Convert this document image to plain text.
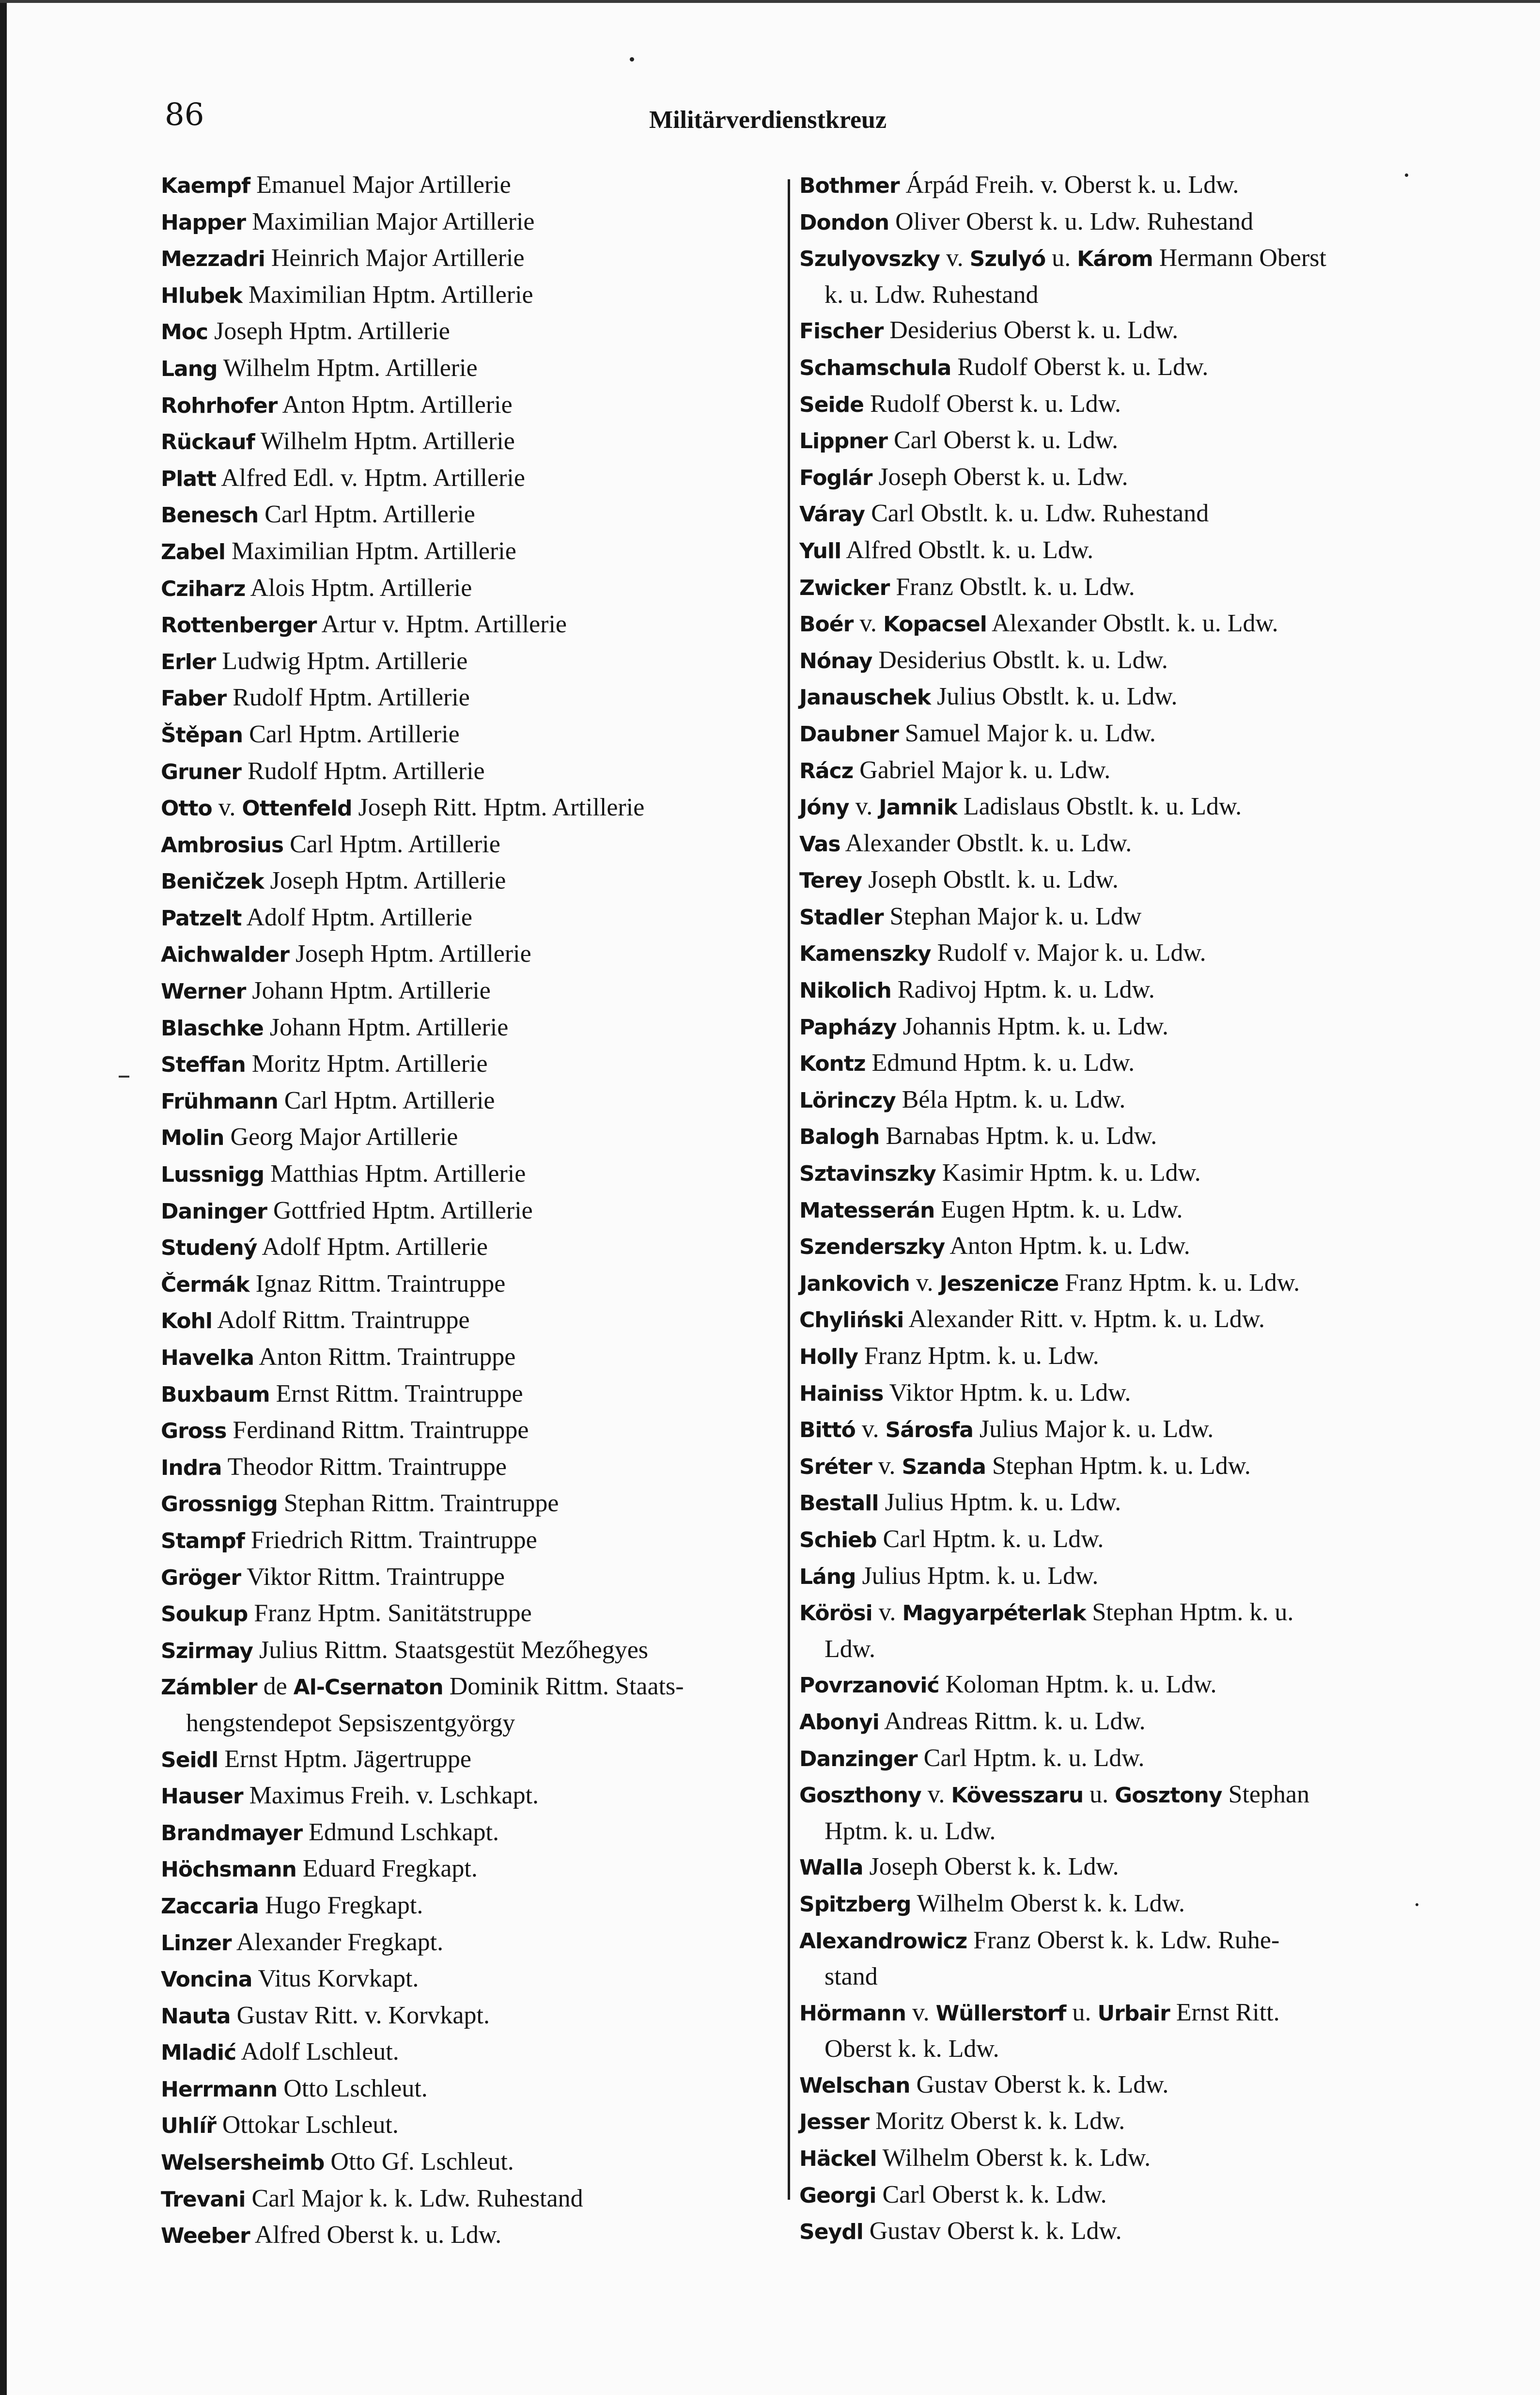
86	Militärverdienstkreuz
Kaempf Emanuel Major Artillerie
Happer Maximilian Major Artillerie
Mezzadri Heinrich Major Artillerie
Hlubek Maximilian Hptm. Artillerie
Moc Joseph Hptm. Artillerie
Lang Wilhelm Hptm. Artillerie
Rohrhofer Anton Hptm. Artillerie
Rückauf Wilhelm Hptm. Artillerie
Platt Alfred Edl. v. Hptm. Artillerie
Benesch Carl Hptm. Artillerie
Zabel Maximilian Hptm. Artillerie
Cziharz Alois Hptm. Artillerie
Rottenberger Artur v. Hptm. Artillerie
Erler Ludwig Hptm. Artillerie
Faber Rudolf Hptm. Artillerie
Štěpan Carl Hptm. Artillerie
Gruner Rudolf Hptm. Artillerie
Otto v. Ottenfeld Joseph Ritt. Hptm. Artillerie
Ambrosius Carl Hptm. Artillerie
Beničzek Joseph Hptm. Artillerie
Patzelt Adolf Hptm. Artillerie
Aichwalder Joseph Hptm. Artillerie
Werner Johann Hptm. Artillerie
Blaschke Johann Hptm. Artillerie
Steffan Moritz Hptm. Artillerie
Frühmann Carl Hptm. Artillerie
Molin Georg Major Artillerie
Lussnigg Matthias Hptm. Artillerie
Daninger Gottfried Hptm. Artillerie
Studený Adolf Hptm. Artillerie
Čermák Ignaz Rittm. Traintruppe
Kohl Adolf Rittm. Traintruppe
Havelka Anton Rittm. Traintruppe
Buxbaum Ernst Rittm. Traintruppe
Gross Ferdinand Rittm. Traintruppe
Indra Theodor Rittm. Traintruppe
Grossnigg Stephan Rittm. Traintruppe
Stampf Friedrich Rittm. Traintruppe
Gröger Viktor Rittm. Traintruppe
Soukup Franz Hptm. Sanitätstruppe
Szirmay Julius Rittm. Staatsgestüt Mezőhegyes
Zámbler de Al-Csernaton Dominik Rittm. Staats-
hengstendepot Sepsiszentgyörgy
Seidl Ernst Hptm. Jägertruppe
Hauser Maximus Freih. v. Lschkapt.
Brandmayer Edmund Lschkapt.
Höchsmann Eduard Fregkapt.
Zaccaria Hugo Fregkapt.
Linzer Alexander Fregkapt.
Voncina Vitus Korvkapt.
Nauta Gustav Ritt. v. Korvkapt.
Mladić Adolf Lschleut.
Herrmann Otto Lschleut.
Uhlíř Ottokar Lschleut.
Welsersheimb Otto Gf. Lschleut.
Trevani Carl Major k. k. Ldw. Ruhestand
Weeber Alfred Oberst k. u. Ldw.
Bothmer Árpád Freih. v. Oberst k. u. Ldw.
Dondon Oliver Oberst k. u. Ldw. Ruhestand
Szulyovszky v. Szulyó u. Károm Hermann Oberst
k. u. Ldw. Ruhestand
Fischer Desiderius Oberst k. u. Ldw.
Schamschula Rudolf Oberst k. u. Ldw.
Seide Rudolf Oberst k. u. Ldw.
Lippner Carl Oberst k. u. Ldw.
Foglár Joseph Oberst k. u. Ldw.
Váray Carl Obstlt. k. u. Ldw. Ruhestand
Yull Alfred Obstlt. k. u. Ldw.
Zwicker Franz Obstlt. k. u. Ldw.
Boér v. Kopacsel Alexander Obstlt. k. u. Ldw.
Nónay Desiderius Obstlt. k. u. Ldw.
Janauschek Julius Obstlt. k. u. Ldw.
Daubner Samuel Major k. u. Ldw.
Rácz Gabriel Major k. u. Ldw.
Jóny v. Jamnik Ladislaus Obstlt. k. u. Ldw.
Vas Alexander Obstlt. k. u. Ldw.
Terey Joseph Obstlt. k. u. Ldw.
Stadler Stephan Major k. u. Ldw
Kamenszky Rudolf v. Major k. u. Ldw.
Nikolich Radivoj Hptm. k. u. Ldw.
Papházy Johannis Hptm. k. u. Ldw.
Kontz Edmund Hptm. k. u. Ldw.
Lörinczy Béla Hptm. k. u. Ldw.
Balogh Barnabas Hptm. k. u. Ldw.
Sztavinszky Kasimir Hptm. k. u. Ldw.
Matesserán Eugen Hptm. k. u. Ldw.
Szenderszky Anton Hptm. k. u. Ldw.
Jankovich v. Jeszenicze Franz Hptm. k. u. Ldw.
Chyliński Alexander Ritt. v. Hptm. k. u. Ldw.
Holly Franz Hptm. k. u. Ldw.
Hainiss Viktor Hptm. k. u. Ldw.
Bittó v. Sárosfa Julius Major k. u. Ldw.
Sréter v. Szanda Stephan Hptm. k. u. Ldw.
Bestall Julius Hptm. k. u. Ldw.
Schieb Carl Hptm. k. u. Ldw.
Láng Julius Hptm. k. u. Ldw.
Körösi v. Magyarpéterlak Stephan Hptm. k. u.
Ldw.
Povrzanović Koloman Hptm. k. u. Ldw.
Abonyi Andreas Rittm. k. u. Ldw.
Danzinger Carl Hptm. k. u. Ldw.
Goszthony v. Kövesszaru u. Gosztony Stephan
Hptm. k. u. Ldw.
Walla Joseph Oberst k. k. Ldw.
Spitzberg Wilhelm Oberst k. k. Ldw.
Alexandrowicz Franz Oberst k. k. Ldw. Ruhe-
stand
Hörmann v. Wüllerstorf u. Urbair Ernst Ritt.
Oberst k. k. Ldw.
Welschan Gustav Oberst k. k. Ldw.
Jesser Moritz Oberst k. k. Ldw.
Häckel Wilhelm Oberst k. k. Ldw.
Georgi Carl Oberst k. k. Ldw.
Seydl Gustav Oberst k. k. Ldw.
